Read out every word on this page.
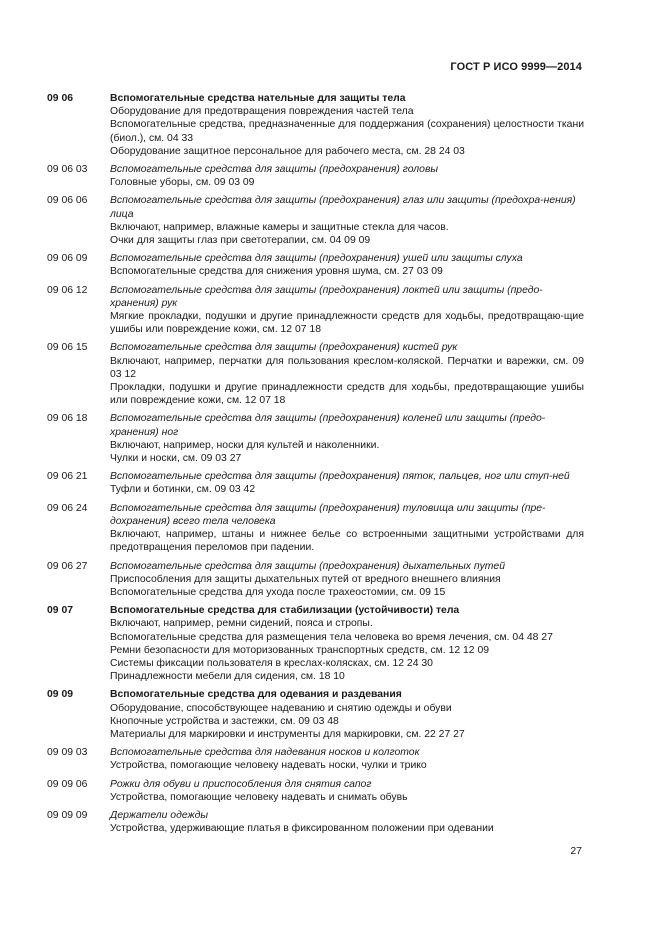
ГОСТ Р ИСО 9999—2014
09 06	Вспомогательные средства нательные для защиты тела
Оборудование для предотвращения повреждения частей тела
Вспомогательные средства, предназначенные для поддержания (сохранения) целостности ткани (биол.), см. 04 33
Оборудование защитное персональное для рабочего места, см. 28 24 03
09 06 03	Вспомогательные средства для защиты (предохранения) головы
Головные уборы, см. 09 03 09
09 06 06	Вспомогательные средства для защиты (предохранения) глаз или защиты (предохра-нения) лица
Включают, например, влажные камеры и защитные стекла для часов.
Очки для защиты глаз при светотерапии, см. 04 09 09
09 06 09	Вспомогательные средства для защиты (предохранения) ушей или защиты слуха
Вспомогательные средства для снижения уровня шума, см. 27 03 09
09 06 12	Вспомогательные средства для защиты (предохранения) локтей или защиты (предо-хранения) рук
Мягкие прокладки, подушки и другие принадлежности средств для ходьбы, предотвращаю-щие ушибы или повреждение кожи, см. 12 07 18
09 06 15	Вспомогательные средства для защиты (предохранения) кистей рук
Включают, например, перчатки для пользования креслом-коляской. Перчатки и варежки, см. 09 03 12
Прокладки, подушки и другие принадлежности средств для ходьбы, предотвращающие ушибы или повреждение кожи, см. 12 07 18
09 06 18	Вспомогательные средства для защиты (предохранения) коленей или защиты (предо-хранения) ног
Включают, например, носки для культей и наколенники.
Чулки и носки, см. 09 03 27
09 06 21	Вспомогательные средства для защиты (предохранения) пяток, пальцев, ног или ступ-ней
Туфли и ботинки, см. 09 03 42
09 06 24	Вспомогательные средства для защиты (предохранения) туловища или защиты (пре-дохранения) всего тела человека
Включают, например, штаны и нижнее белье со встроенными защитными устройствами для предотвращения переломов при падении.
09 06 27	Вспомогательные средства для защиты (предохранения) дыхательных путей
Приспособления для защиты дыхательных путей от вредного внешнего влияния
Вспомогательные средства для ухода после трахеостомии, см. 09 15
09 07	Вспомогательные средства для стабилизации (устойчивости) тела
Включают, например, ремни сидений, пояса и стропы.
Вспомогательные средства для размещения тела человека во время лечения, см. 04 48 27
Ремни безопасности для моторизованных транспортных средств, см. 12 12 09
Системы фиксации пользователя в креслах-колясках, см. 12 24 30
Принадлежности мебели для сидения, см. 18 10
09 09	Вспомогательные средства для одевания и раздевания
Оборудование, способствующее надеванию и снятию одежды и обуви
Кнопочные устройства и застежки, см. 09 03 48
Материалы для маркировки и инструменты для маркировки, см. 22 27 27
09 09 03	Вспомогательные средства для надевания носков и колготок
Устройства, помогающие человеку надевать носки, чулки и трико
09 09 06	Рожки для обуви и приспособления для снятия сапог
Устройства, помогающие человеку надевать и снимать обувь
09 09 09	Держатели одежды
Устройства, удерживающие платья в фиксированном положении при одевании
27
